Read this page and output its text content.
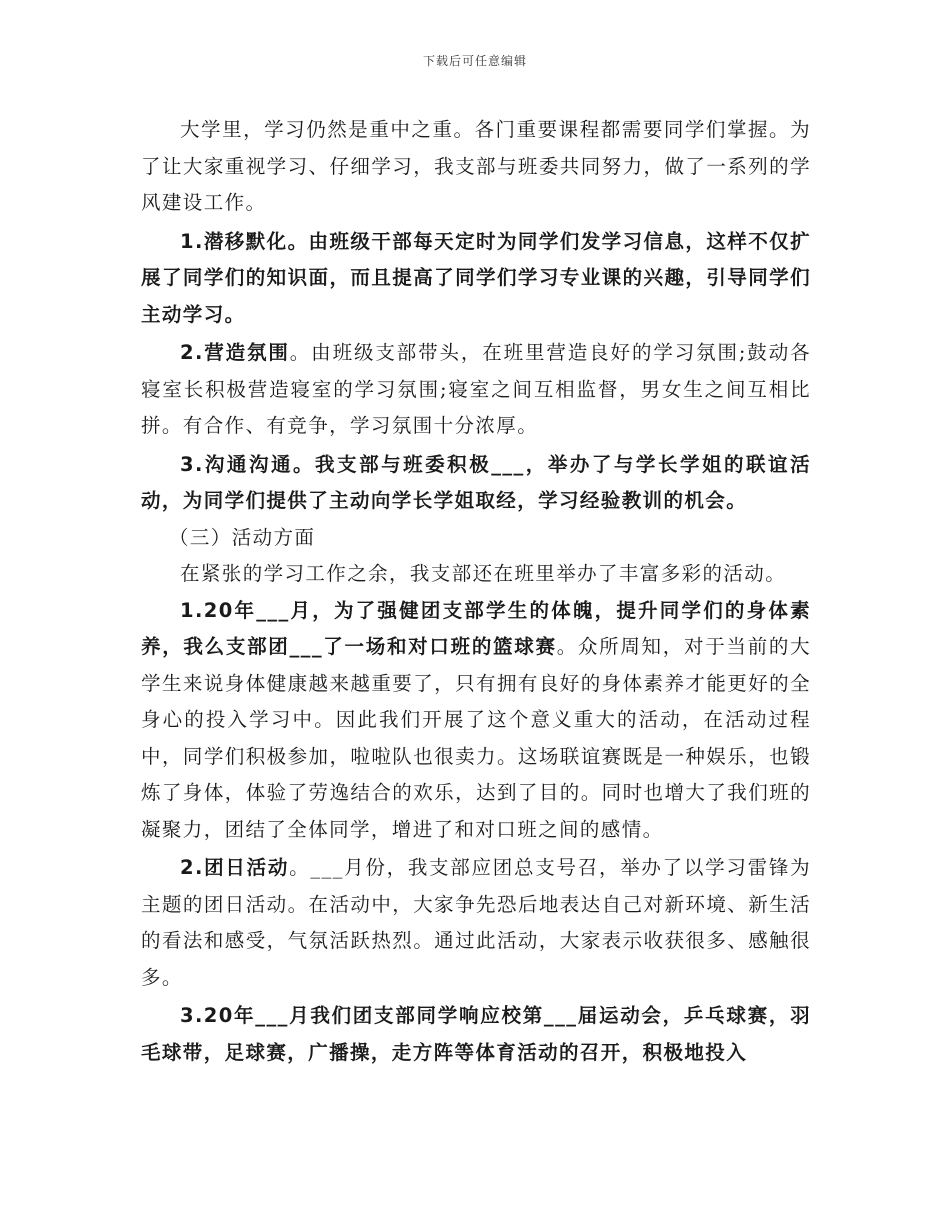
下载后可任意编辑

大学里，学习仍然是重中之重。各门重要课程都需要同学们掌握。为了让大家重视学习、仔细学习，我支部与班委共同努力，做了一系列的学风建设工作。

1.潜移默化。由班级干部每天定时为同学们发学习信息，这样不仅扩展了同学们的知识面，而且提高了同学们学习专业课的兴趣，引导同学们主动学习。

2.营造氛围。由班级支部带头，在班里营造良好的学习氛围;鼓动各寝室长积极营造寝室的学习氛围;寝室之间互相监督，男女生之间互相比拼。有合作、有竞争，学习氛围十分浓厚。

3.沟通沟通。我支部与班委积极___，举办了与学长学姐的联谊活动，为同学们提供了主动向学长学姐取经，学习经验教训的机会。

（三）活动方面

在紧张的学习工作之余，我支部还在班里举办了丰富多彩的活动。

1.20年___月，为了强健团支部学生的体魄，提升同学们的身体素养，我么支部团___了一场和对口班的篮球赛。众所周知，对于当前的大学生来说身体健康越来越重要了，只有拥有良好的身体素养才能更好的全身心的投入学习中。因此我们开展了这个意义重大的活动，在活动过程中，同学们积极参加，啦啦队也很卖力。这场联谊赛既是一种娱乐，也锻炼了身体，体验了劳逸结合的欢乐，达到了目的。同时也增大了我们班的凝聚力，团结了全体同学，增进了和对口班之间的感情。

2.团日活动。___月份，我支部应团总支号召，举办了以学习雷锋为主题的团日活动。在活动中，大家争先恐后地表达自己对新环境、新生活的看法和感受，气氛活跃热烈。通过此活动，大家表示收获很多、感触很多。

3.20年___月我们团支部同学响应校第___届运动会，乒乓球赛，羽毛球带，足球赛，广播操，走方阵等体育活动的召开，积极地投入
